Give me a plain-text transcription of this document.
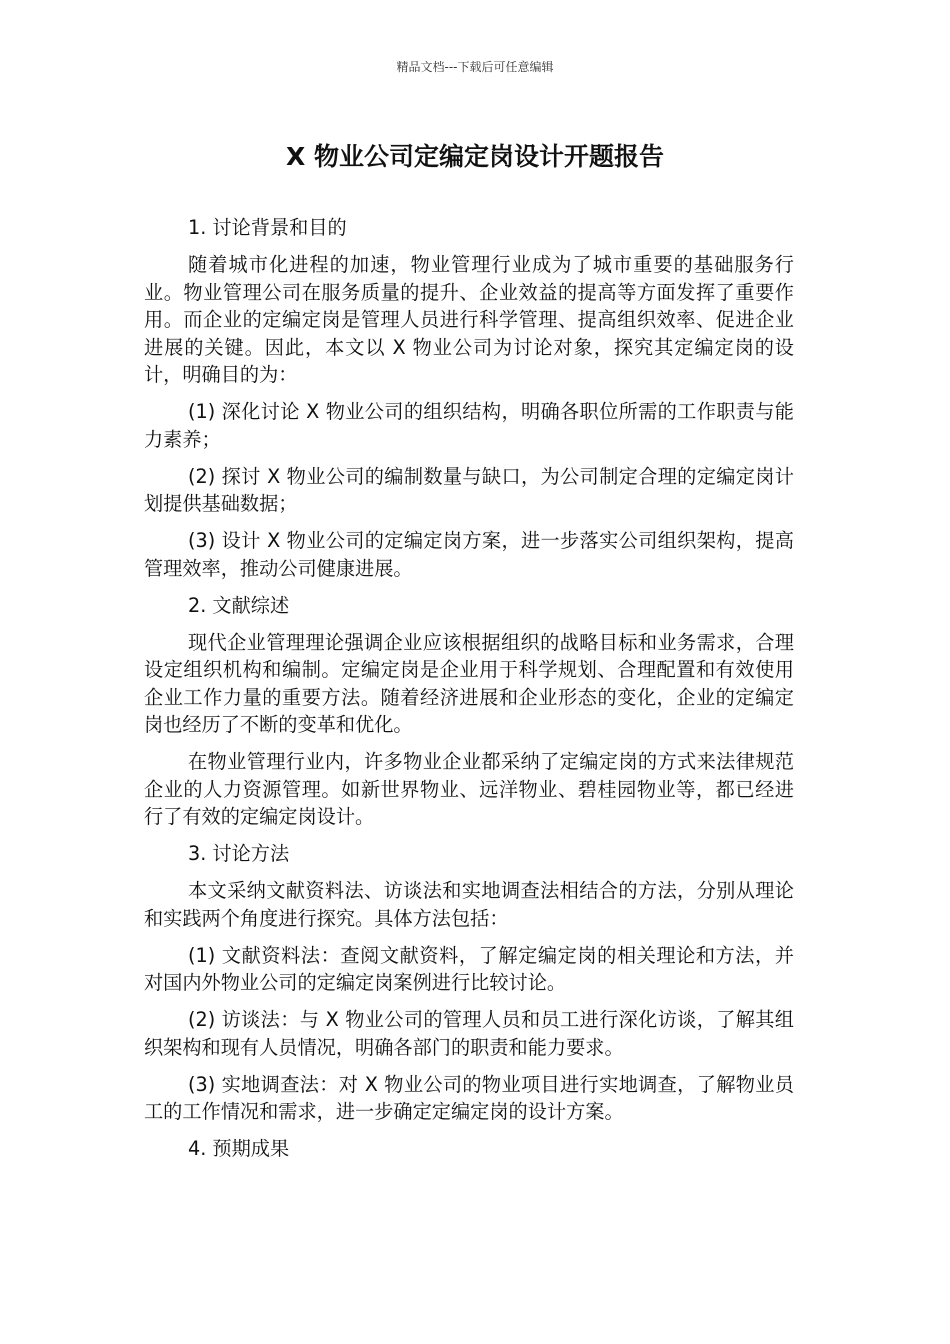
精品文档---下载后可任意编辑
X 物业公司定编定岗设计开题报告

1. 讨论背景和目的

随着城市化进程的加速，物业管理行业成为了城市重要的基础服务行业。物业管理公司在服务质量的提升、企业效益的提高等方面发挥了重要作用。而企业的定编定岗是管理人员进行科学管理、提高组织效率、促进企业进展的关键。因此，本文以 X 物业公司为讨论对象，探究其定编定岗的设计，明确目的为：

(1) 深化讨论 X 物业公司的组织结构，明确各职位所需的工作职责与能力素养；

(2) 探讨 X 物业公司的编制数量与缺口，为公司制定合理的定编定岗计划提供基础数据；

(3) 设计 X 物业公司的定编定岗方案，进一步落实公司组织架构，提高管理效率，推动公司健康进展。

2. 文献综述

现代企业管理理论强调企业应该根据组织的战略目标和业务需求，合理设定组织机构和编制。定编定岗是企业用于科学规划、合理配置和有效使用企业工作力量的重要方法。随着经济进展和企业形态的变化，企业的定编定岗也经历了不断的变革和优化。

在物业管理行业内，许多物业企业都采纳了定编定岗的方式来法律规范企业的人力资源管理。如新世界物业、远洋物业、碧桂园物业等，都已经进行了有效的定编定岗设计。

3. 讨论方法

本文采纳文献资料法、访谈法和实地调查法相结合的方法，分别从理论和实践两个角度进行探究。具体方法包括：

(1) 文献资料法：查阅文献资料，了解定编定岗的相关理论和方法，并对国内外物业公司的定编定岗案例进行比较讨论。

(2) 访谈法：与 X 物业公司的管理人员和员工进行深化访谈，了解其组织架构和现有人员情况，明确各部门的职责和能力要求。

(3) 实地调查法：对 X 物业公司的物业项目进行实地调查，了解物业员工的工作情况和需求，进一步确定定编定岗的设计方案。

4. 预期成果
